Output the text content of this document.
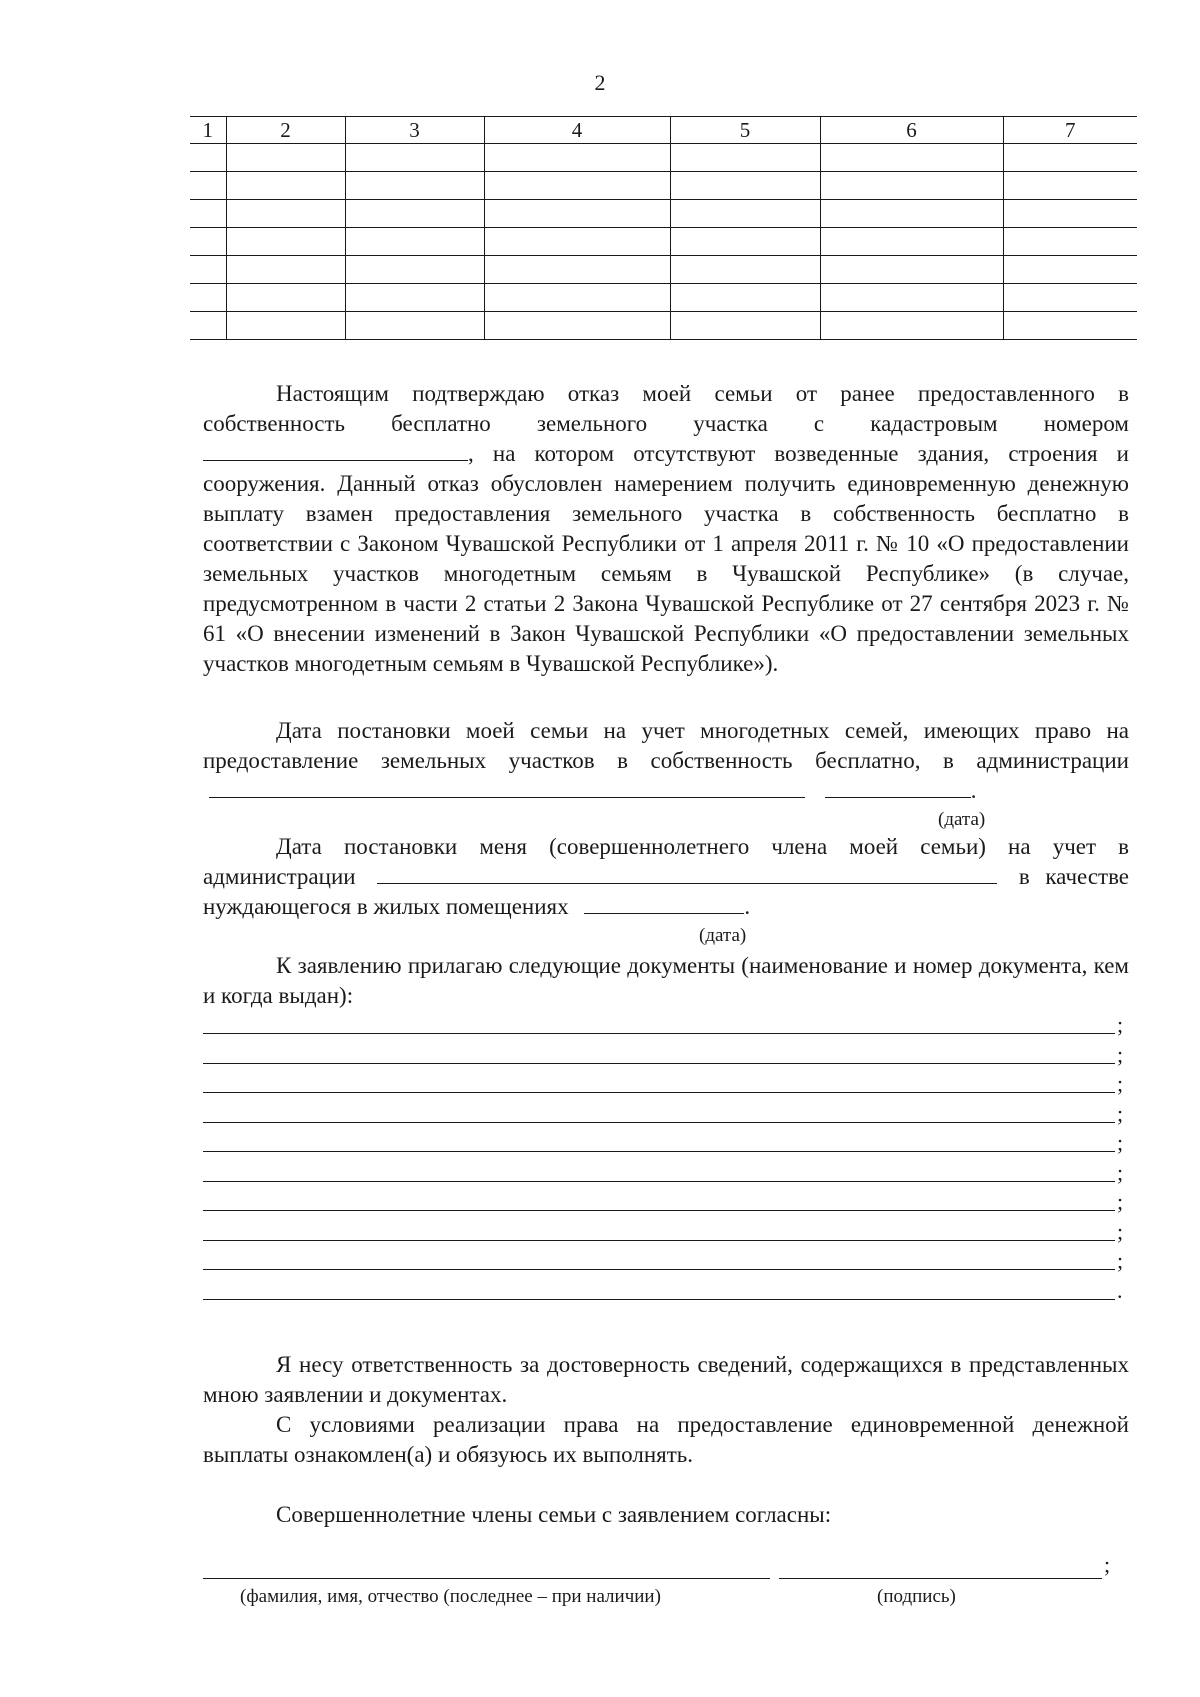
2
1	2	3	4	5	6	7

Настоящим подтверждаю отказ моей семьи от ранее предоставленного в собственность бесплатно земельного участка с кадастровым номером , на котором отсутствуют возведенные здания, строения и сооружения. Данный отказ обусловлен намерением получить единовременную денежную выплату взамен предоставления земельного участка в собственность бесплатно в соответствии с Законом Чувашской Республики от 1 апреля 2011 г. № 10 «О предоставлении земельных участков многодетным семьям в Чувашской Республике» (в случае, предусмотренном в части 2 статьи 2 Закона Чувашской Республике от 27 сентября 2023 г. № 61 «О внесении изменений в Закон Чувашской Республики «О предоставлении земельных участков многодетным семьям в Чувашской Республике»).

Дата постановки моей семьи на учет многодетных семей, имеющих право на предоставление земельных участков в собственность бесплатно, в администрации  .

(дата)

Дата постановки меня (совершеннолетнего члена моей семьи) на учет в администрации	в качестве нуждающегося в жилых помещениях	.

(дата)

К заявлению прилагаю следующие документы (наименование и номер документа, кем и когда выдан):

;
;
;
;
;
;
;
;
;
.

Я несу ответственность за достоверность сведений, содержащихся в представленных мною заявлении и документах.

С условиями реализации права на предоставление единовременной денежной выплаты ознакомлен(а) и обязуюсь их выполнять.

Совершеннолетние члены семьи с заявлением согласны:

;
(фамилия, имя, отчество (последнее – при наличии)	(подпись)
